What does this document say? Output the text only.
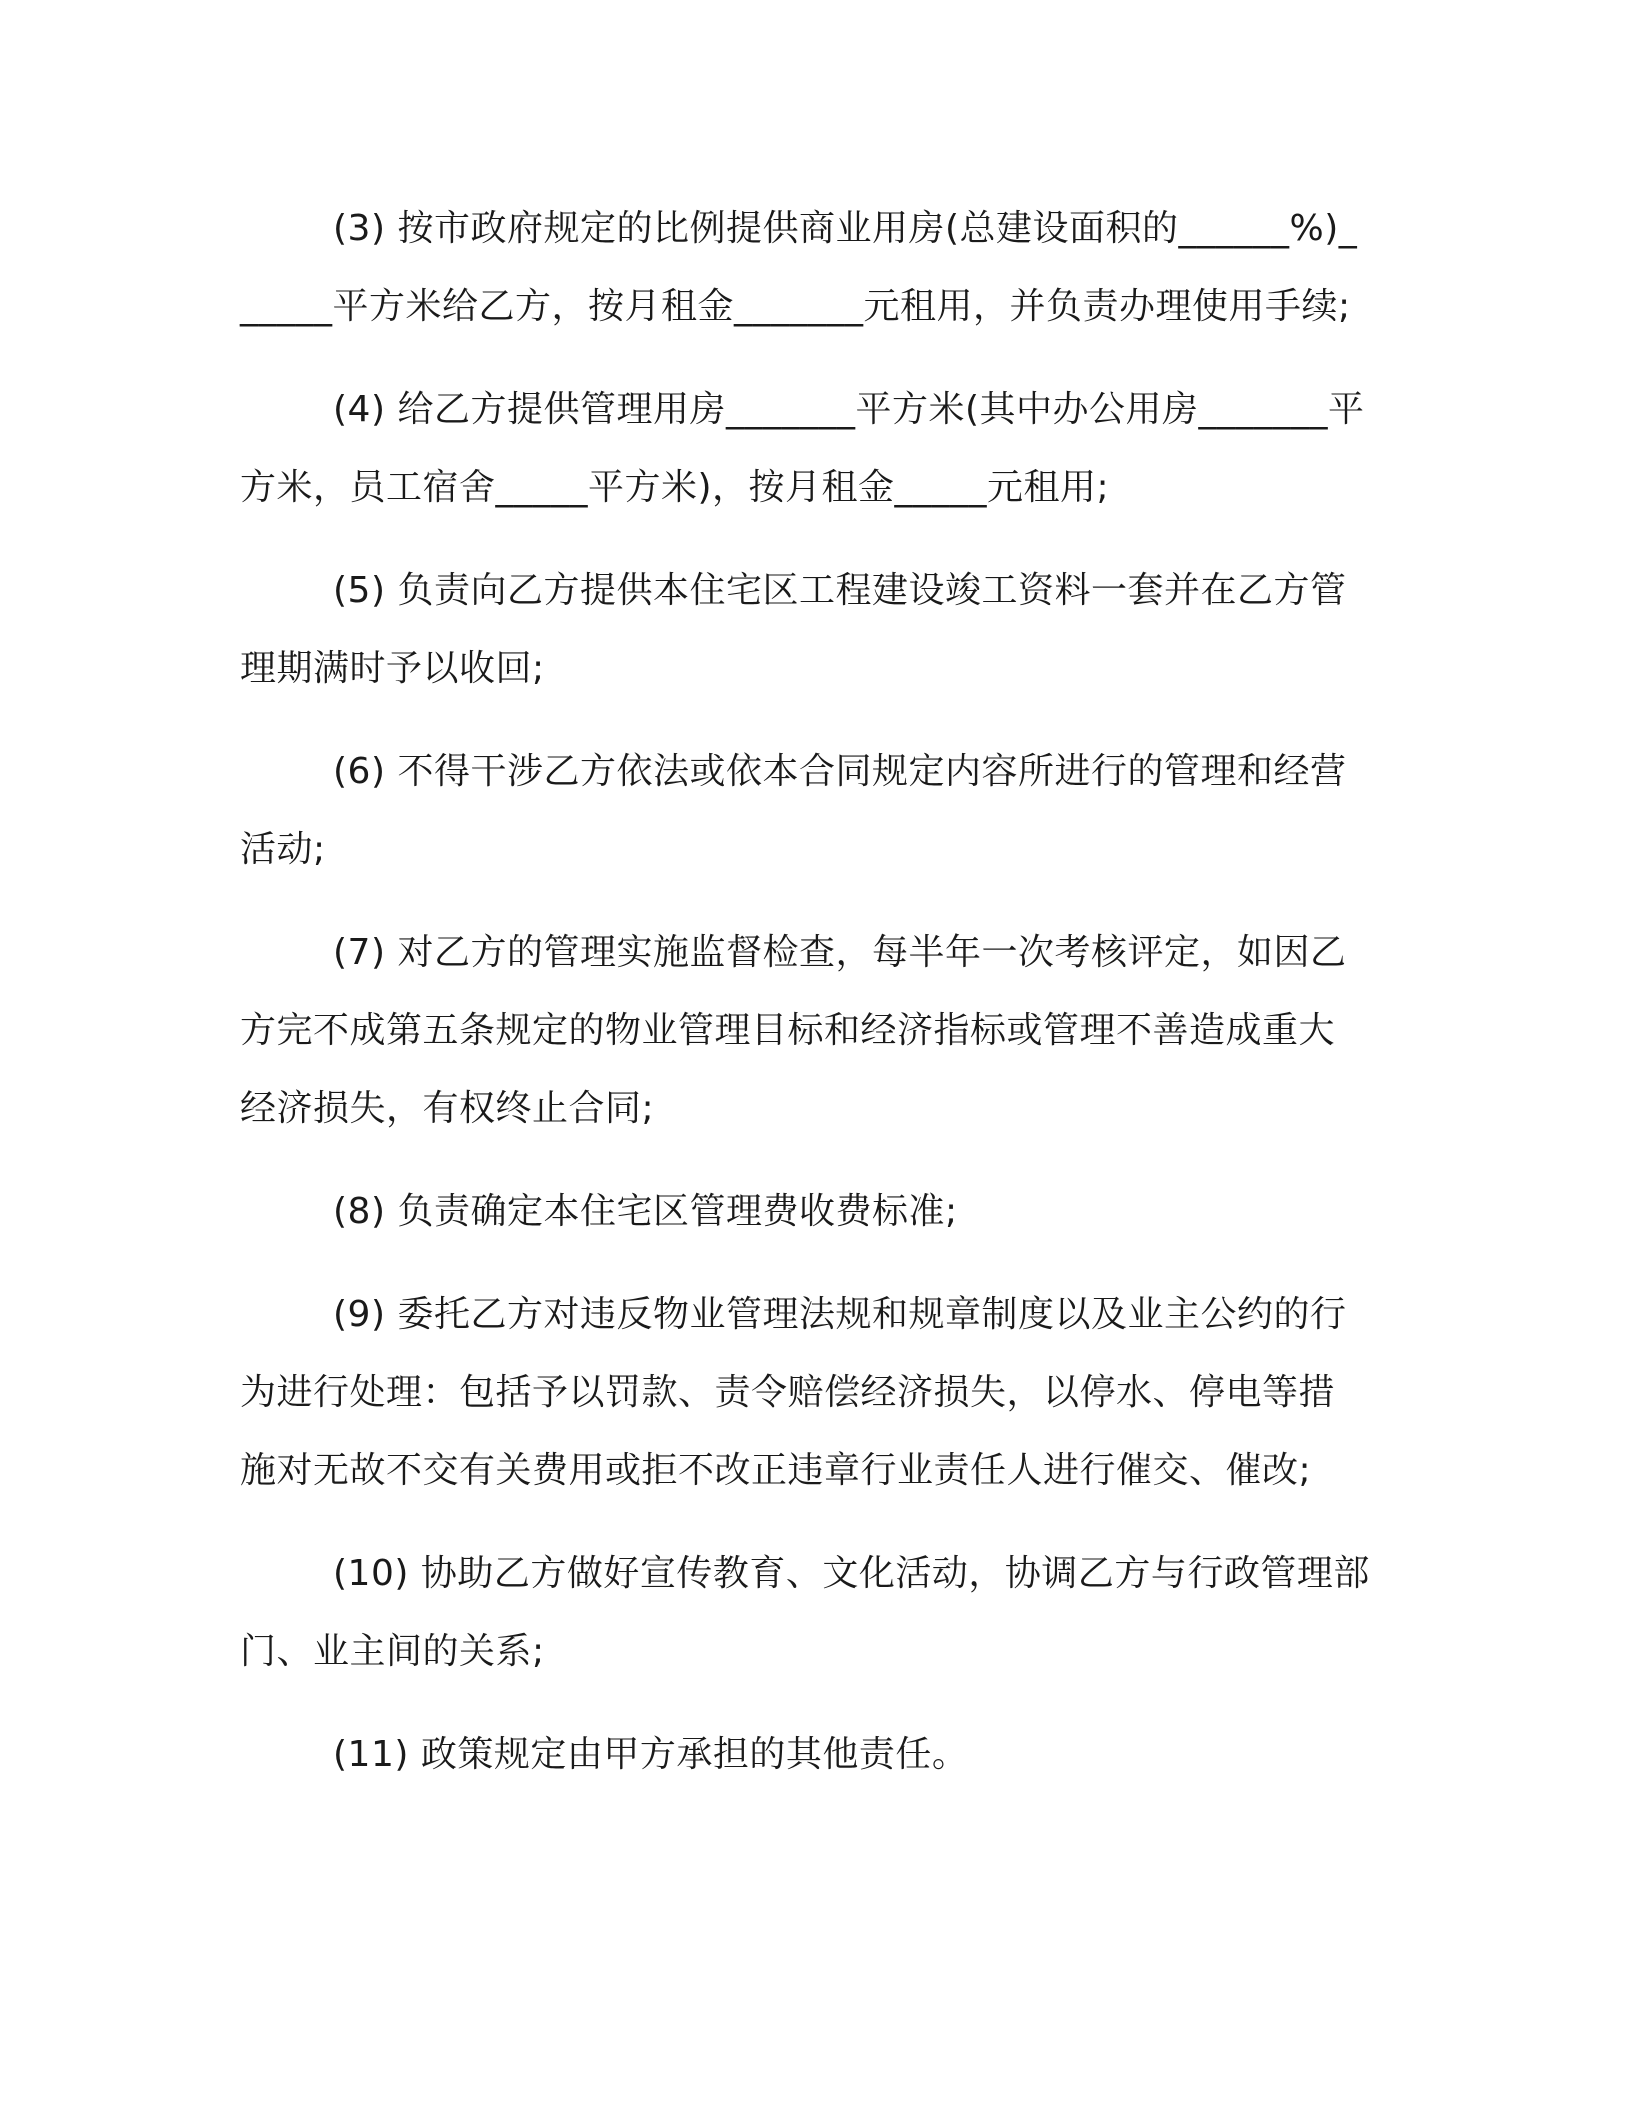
(3) 按市政府规定的比例提供商业用房(总建设面积的______%)______平方米给乙方，按月租金_______元租用，并负责办理使用手续;

(4) 给乙方提供管理用房_______平方米(其中办公用房_______平方米，员工宿舍_____平方米)，按月租金_____元租用;

(5) 负责向乙方提供本住宅区工程建设竣工资料一套并在乙方管理期满时予以收回;

(6) 不得干涉乙方依法或依本合同规定内容所进行的管理和经营活动;

(7) 对乙方的管理实施监督检查，每半年一次考核评定，如因乙方完不成第五条规定的物业管理目标和经济指标或管理不善造成重大经济损失，有权终止合同;

(8) 负责确定本住宅区管理费收费标准;

(9) 委托乙方对违反物业管理法规和规章制度以及业主公约的行为进行处理：包括予以罚款、责令赔偿经济损失，以停水、停电等措施对无故不交有关费用或拒不改正违章行业责任人进行催交、催改;

(10) 协助乙方做好宣传教育、文化活动，协调乙方与行政管理部门、业主间的关系;

(11) 政策规定由甲方承担的其他责任。
